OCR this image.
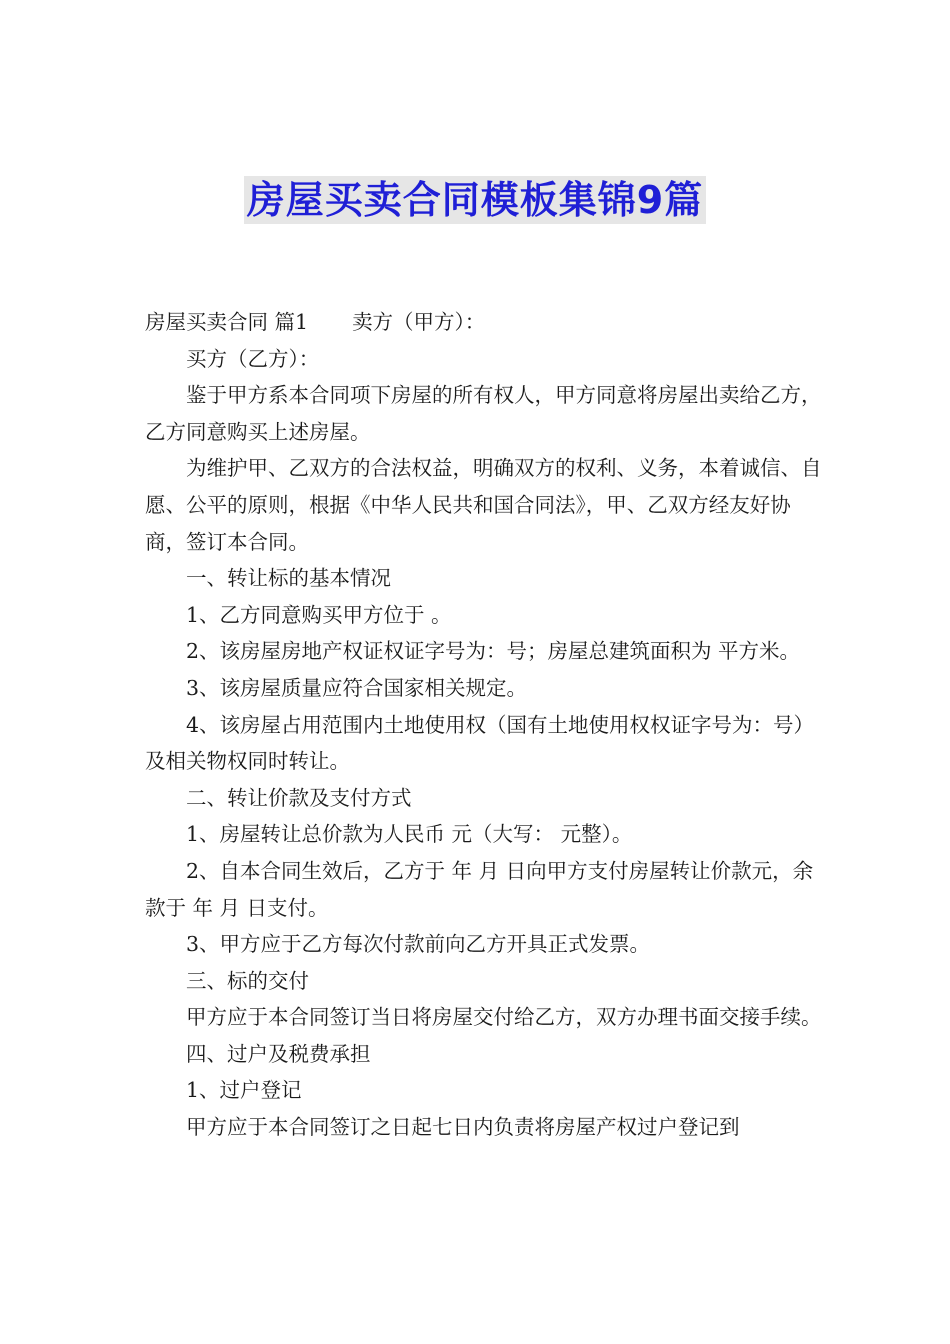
房屋买卖合同模板集锦9篇

房屋买卖合同 篇1 卖方（甲方）：

买方（乙方）：

鉴于甲方系本合同项下房屋的所有权人，甲方同意将房屋出卖给乙方，乙方同意购买上述房屋。

为维护甲、乙双方的合法权益，明确双方的权利、义务，本着诚信、自愿、公平的原则，根据《中华人民共和国合同法》，甲、乙双方经友好协商，签订本合同。

一、转让标的基本情况

1、乙方同意购买甲方位于 。

2、该房屋房地产权证权证字号为：号；房屋总建筑面积为 平方米。

3、该房屋质量应符合国家相关规定。

4、该房屋占用范围内土地使用权（国有土地使用权权证字号为：号）及相关物权同时转让。

二、转让价款及支付方式

1、房屋转让总价款为人民币 元（大写： 元整）。

2、自本合同生效后，乙方于 年 月 日向甲方支付房屋转让价款元，余款于 年 月 日支付。

3、甲方应于乙方每次付款前向乙方开具正式发票。

三、标的交付

甲方应于本合同签订当日将房屋交付给乙方，双方办理书面交接手续。

四、过户及税费承担

1、过户登记

甲方应于本合同签订之日起七日内负责将房屋产权过户登记到
